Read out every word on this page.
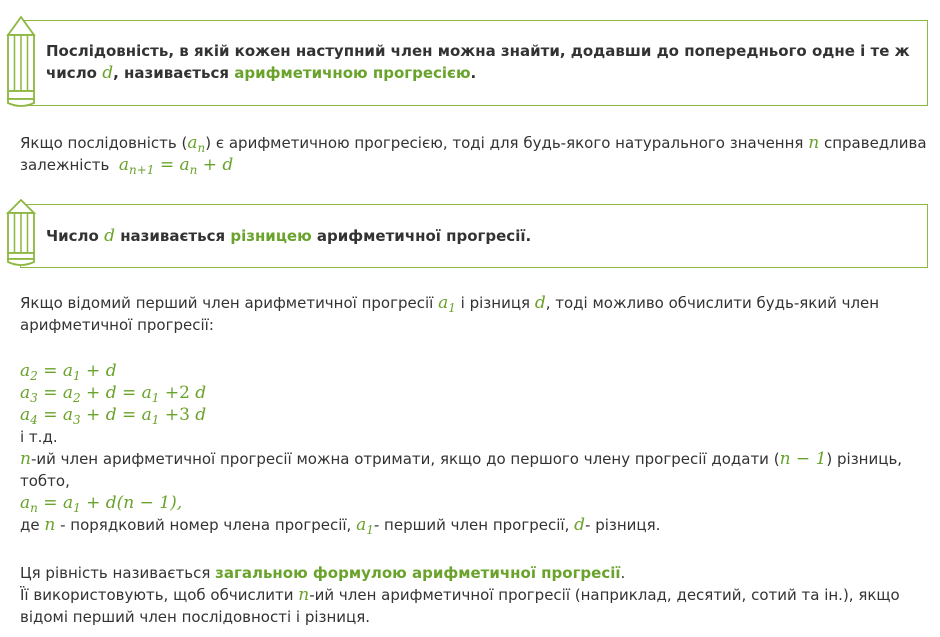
Послідовність, в якій кожен наступний член можна знайти, додавши до попереднього одне і те ж
число d, називається арифметичною прогресією.
Якщо послідовність $(a_n)$ є арифметичною прогресією, тоді для будь-якого натурального значення n справедлива
залежність $a_{n+1} = a_n + d$
Число d називається різницею арифметичної прогресії.
Якщо відомий перший член арифметичної прогресії $a_1$ і різниця d, тоді можливо обчислити будь-який член
арифметичної прогресії:
$a_2 = a_1 + d$
$a_3 = a_2 + d = a_1 +2$ d
$a_4 = a_3 + d = a_1 +3$ d
і т.д.
n-ий член арифметичної прогресії можна отримати, якщо до першого члену прогресії додати (n − 1) різниць,
тобто,
$a_n = a_1 + d(n - 1)$,
де n - порядковий номер члена прогресії, $a_1-$ перший член прогресії, d- різниця.
Ця рівність називається загальною формулою арифметичної прогресії.
Її використовують, щоб обчислити n-ий член арифметичної прогресії (наприклад, десятий, сотий та ін.), якщо
відомі перший член послідовності і різниця.
